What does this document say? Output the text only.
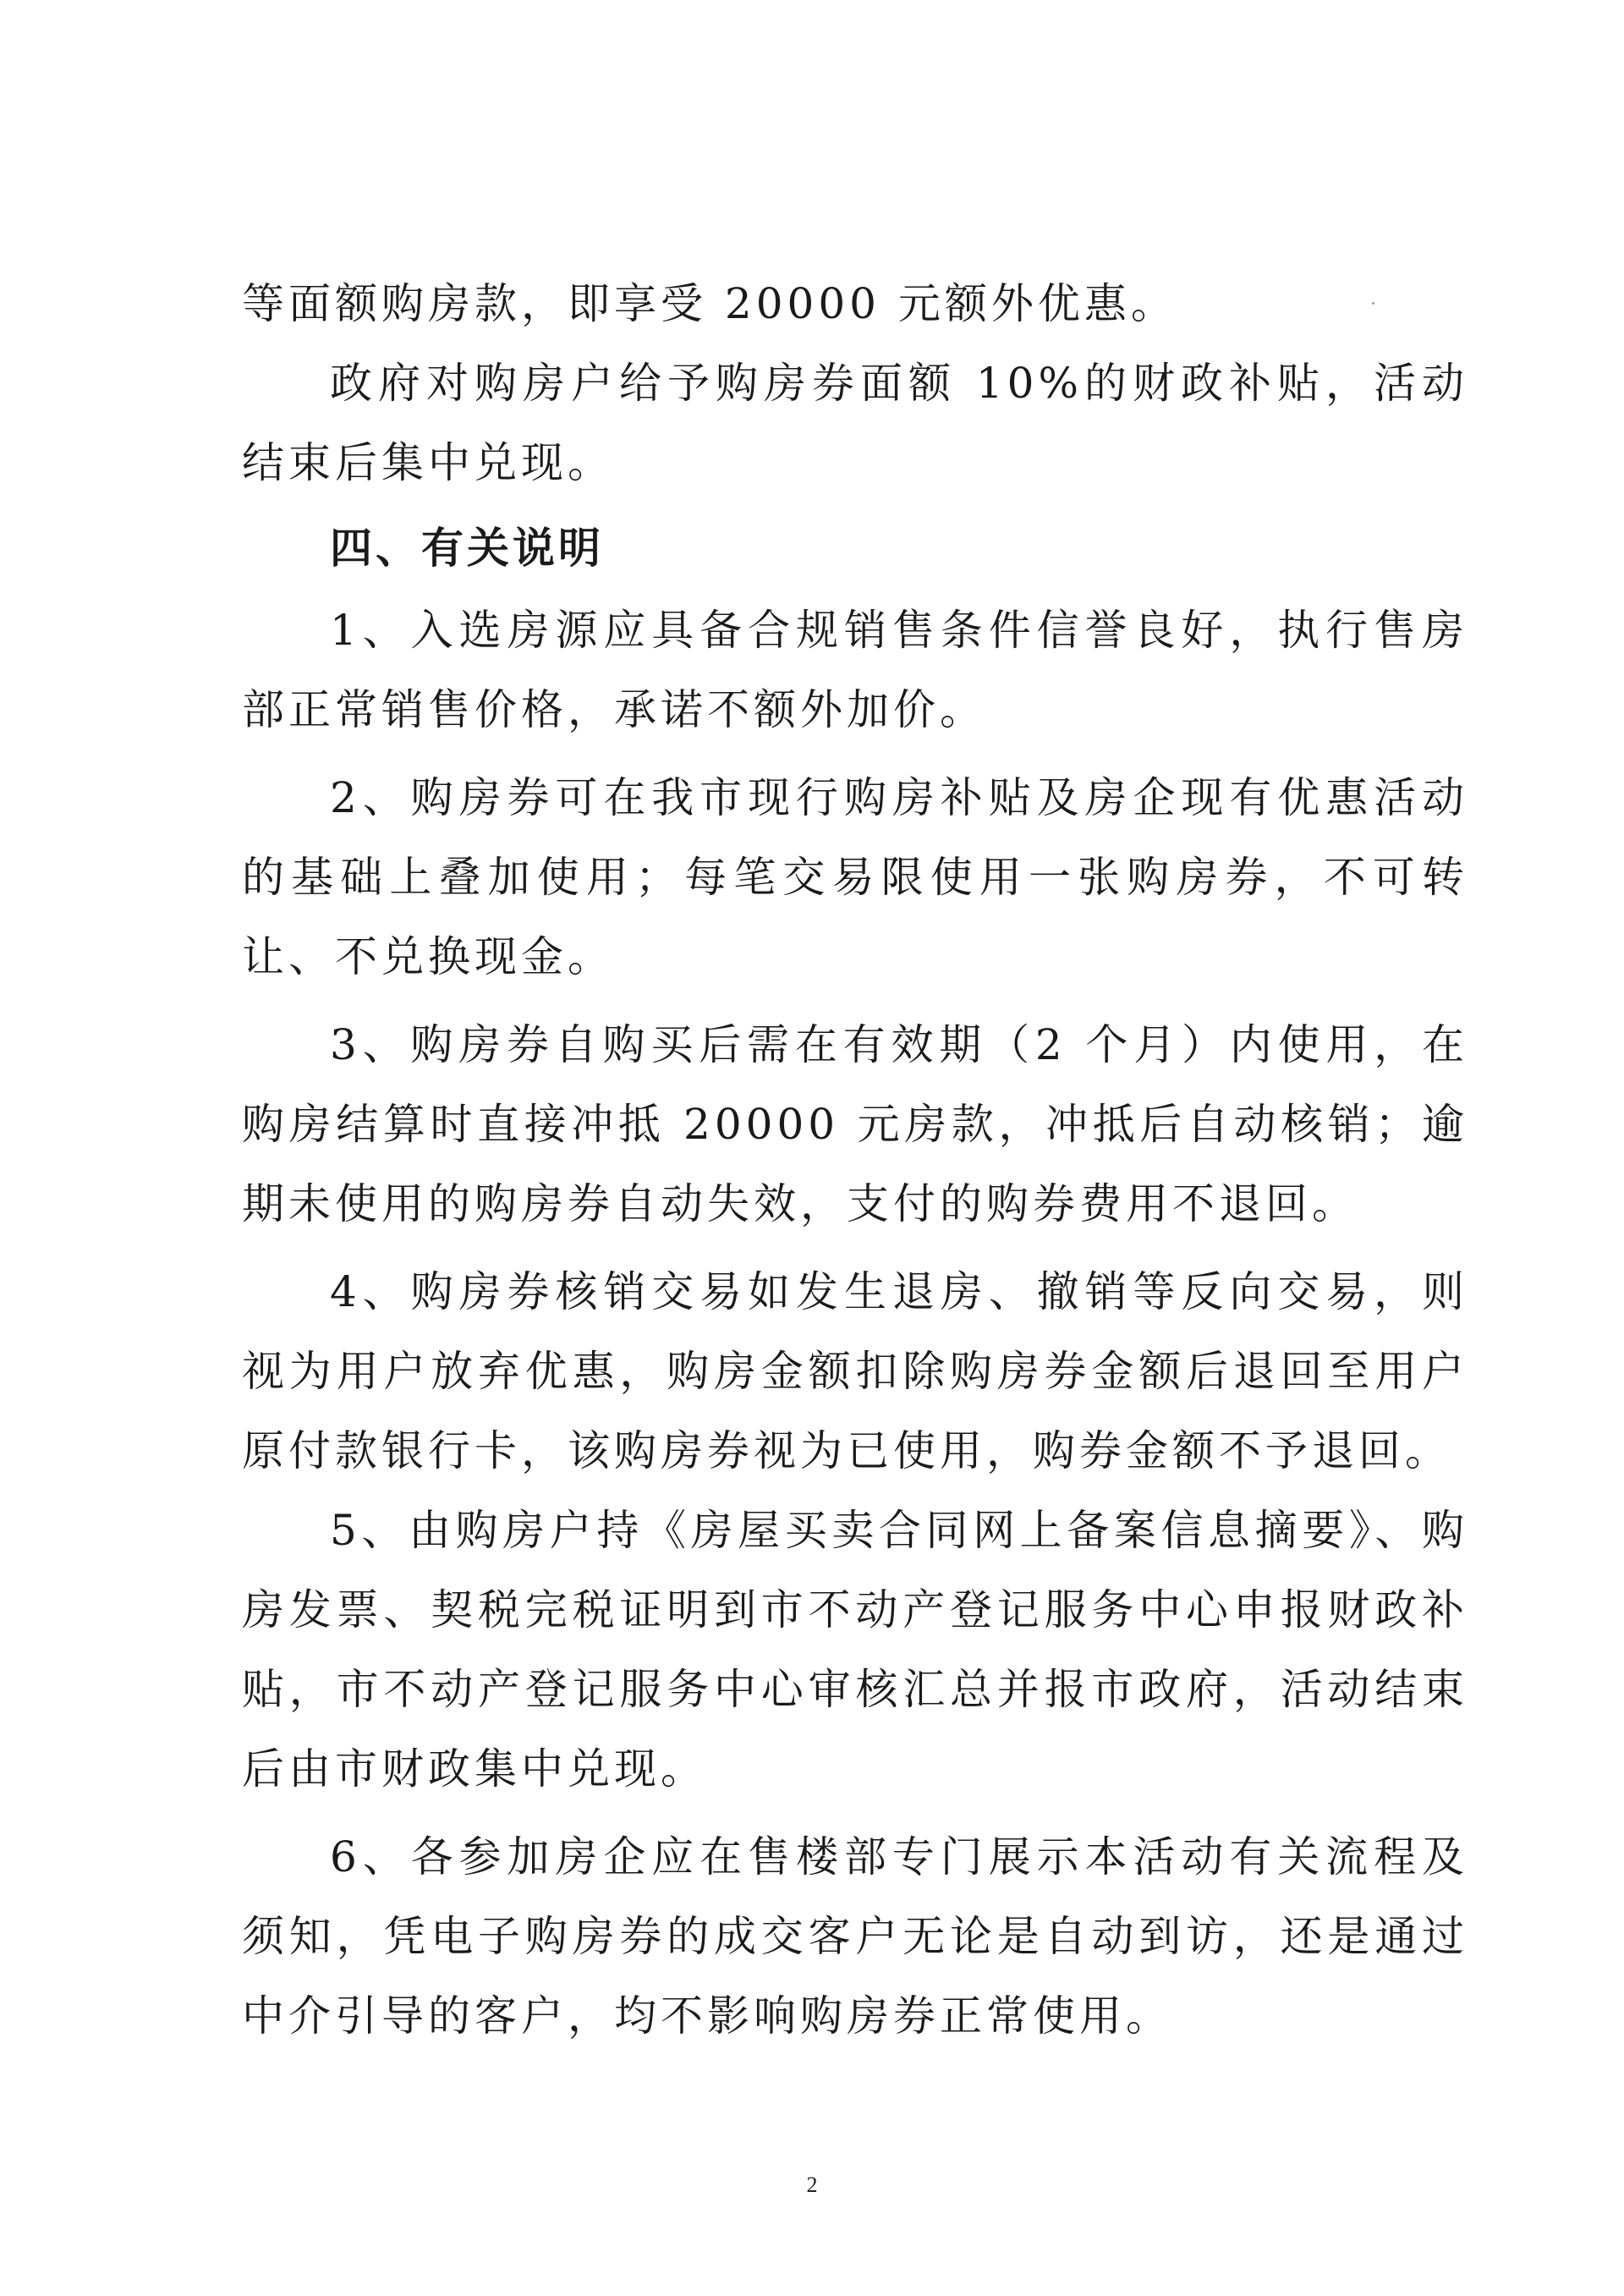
等面额购房款，即享受 20000 元额外优惠。

政府对购房户给予购房券面额 10%的财政补贴，活动结束后集中兑现。

四、有关说明

1、入选房源应具备合规销售条件信誉良好，执行售房部正常销售价格，承诺不额外加价。

2、购房券可在我市现行购房补贴及房企现有优惠活动的基础上叠加使用；每笔交易限使用一张购房券，不可转让、不兑换现金。

3、购房券自购买后需在有效期（2 个月）内使用，在购房结算时直接冲抵 20000 元房款，冲抵后自动核销；逾期未使用的购房券自动失效，支付的购券费用不退回。

4、购房券核销交易如发生退房、撤销等反向交易，则视为用户放弃优惠，购房金额扣除购房券金额后退回至用户原付款银行卡，该购房券视为已使用，购券金额不予退回。

5、由购房户持《房屋买卖合同网上备案信息摘要》、购房发票、契税完税证明到市不动产登记服务中心申报财政补贴，市不动产登记服务中心审核汇总并报市政府，活动结束后由市财政集中兑现。

6、各参加房企应在售楼部专门展示本活动有关流程及须知，凭电子购房券的成交客户无论是自动到访，还是通过中介引导的客户，均不影响购房券正常使用。

2
